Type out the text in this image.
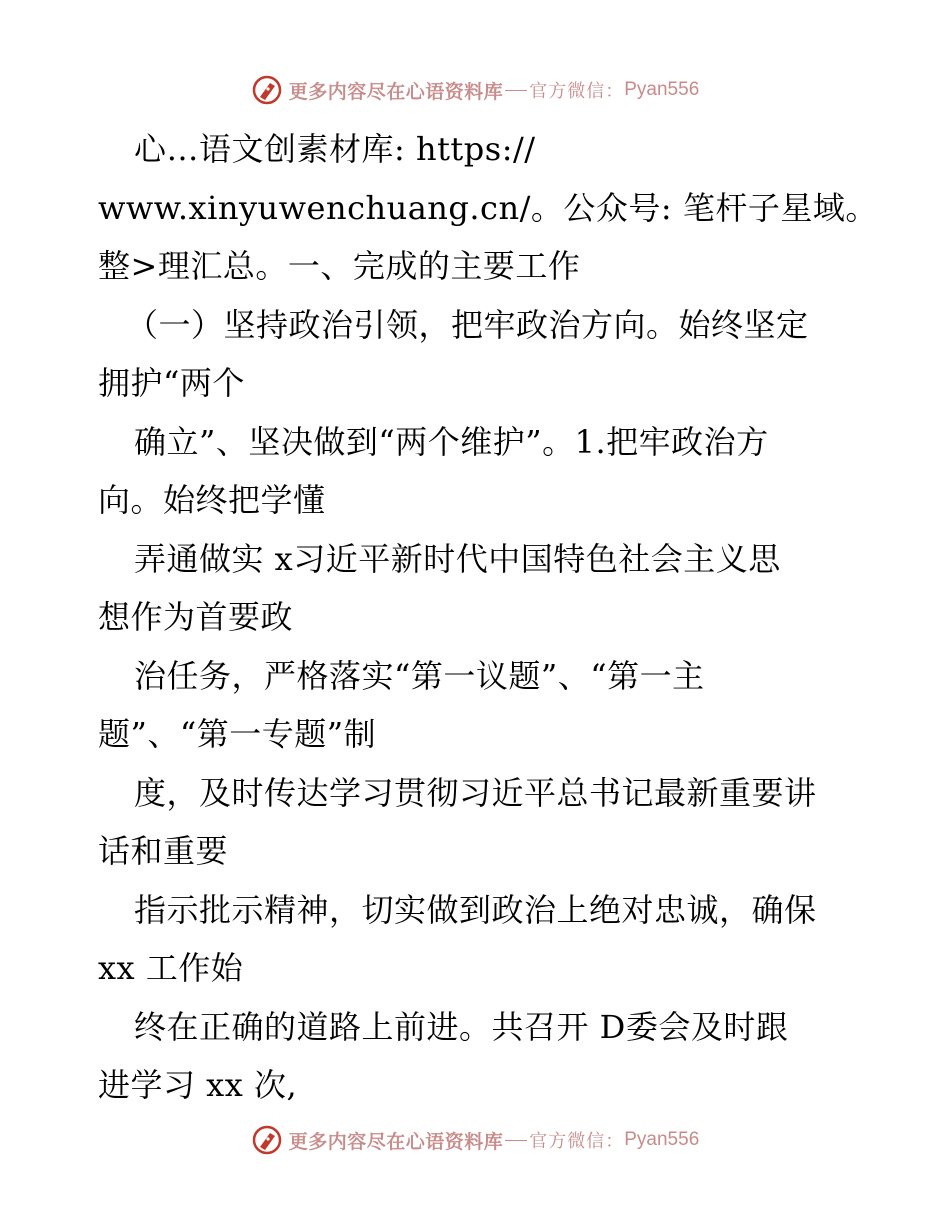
更多内容尽在心语资料库 官方微信： Pyan556
心…语文创素材库: https://
www.xinyuwenchuang.cn/。公众号: 笔杆子星域。
整>理汇总。一、完成的主要工作
（一）坚持政治引领，把牢政治方向。始终坚定
拥护“两个
确立”、坚决做到“两个维护”。1.把牢政治方
向。始终把学懂
弄通做实 x习近平新时代中国特色社会主义思
想作为首要政
治任务，严格落实“第一议题”、“第一主
题”、“第一专题”制
度，及时传达学习贯彻习近平总书记最新重要讲
话和重要
指示批示精神，切实做到政治上绝对忠诚，确保
xx 工作始
终在正确的道路上前进。共召开 D委会及时跟
进学习 xx 次,
更多内容尽在心语资料库 官方微信： Pyan556
